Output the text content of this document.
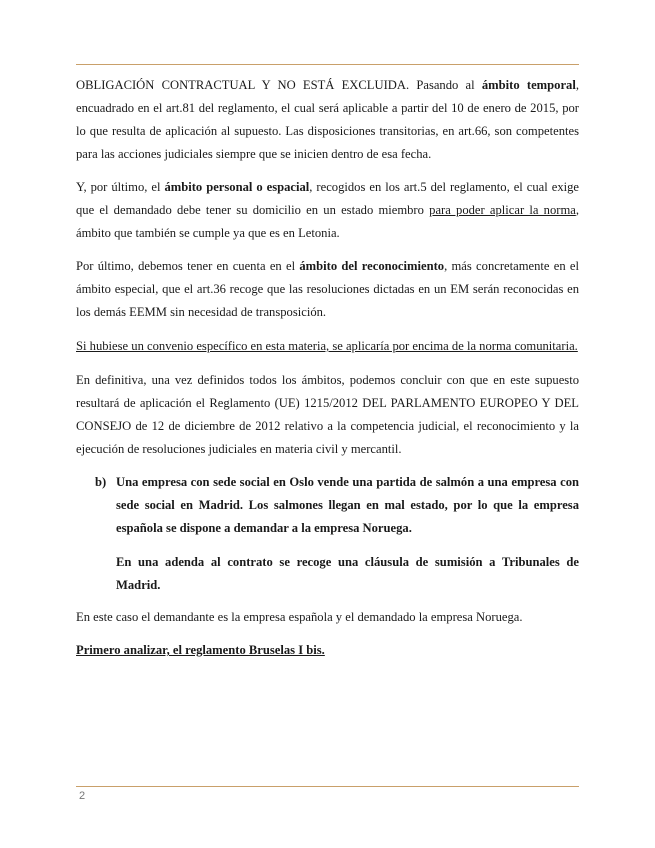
OBLIGACIÓN CONTRACTUAL Y NO ESTÁ EXCLUIDA. Pasando al ámbito temporal, encuadrado en el art.81 del reglamento, el cual será aplicable a partir del 10 de enero de 2015, por lo que resulta de aplicación al supuesto. Las disposiciones transitorias, en art.66, son competentes para las acciones judiciales siempre que se inicien dentro de esa fecha.

Y, por último, el ámbito personal o espacial, recogidos en los art.5 del reglamento, el cual exige que el demandado debe tener su domicilio en un estado miembro para poder aplicar la norma, ámbito que también se cumple ya que es en Letonia.

Por último, debemos tener en cuenta en el ámbito del reconocimiento, más concretamente en el ámbito especial, que el art.36 recoge que las resoluciones dictadas en un EM serán reconocidas en los demás EEMM sin necesidad de transposición.

Si hubiese un convenio específico en esta materia, se aplicaría por encima de la norma comunitaria.

En definitiva, una vez definidos todos los ámbitos, podemos concluir con que en este supuesto resultará de aplicación el Reglamento (UE) 1215/2012 DEL PARLAMENTO EUROPEO Y DEL CONSEJO de 12 de diciembre de 2012 relativo a la competencia judicial, el reconocimiento y la ejecución de resoluciones judiciales en materia civil y mercantil.

b) Una empresa con sede social en Oslo vende una partida de salmón a una empresa con sede social en Madrid. Los salmones llegan en mal estado, por lo que la empresa española se dispone a demandar a la empresa Noruega.

En una adenda al contrato se recoge una cláusula de sumisión a Tribunales de Madrid.

En este caso el demandante es la empresa española y el demandado la empresa Noruega.

Primero analizar, el reglamento Bruselas I bis.

2
